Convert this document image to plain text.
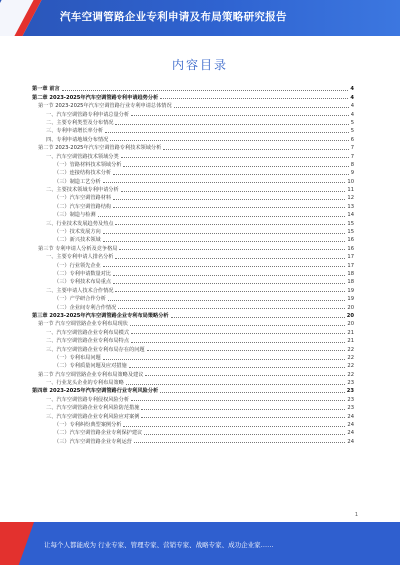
汽车空调管路企业专利申请及布局策略研究报告
内容目录
第一章 前言	4
第二章 2023-2025年汽车空调管路专利申请趋势分析	4
第一节 2023-2025年汽车空调管路行业专利申请总体情况	4
一、汽车空调管路专利申请总量分析	4
二、主要专利类型及分布情况	5
三、专利申请增长率分析	5
四、专利申请地域分布情况	6
第二节 2023-2025年汽车空调管路专利技术领域分析	7
一、汽车空调管路技术领域分类	7
（一）管路材料技术领域分析	8
（二）连接结构技术分析	9
（三）制造工艺分析	10
二、主要技术领域专利申请分析	11
（一）汽车空调管路材料	12
（二）汽车空调管路结构	13
（三）制造与检测	14
三、行业技术发展趋势及热点	15
（一）技术发展方向	15
（二）新兴技术领域	16
第三节 专利申请人分析及竞争格局	16
一、主要专利申请人排名分析	17
（一）行业领先企业	17
（二）专利申请数量对比	18
（三）专利技术布局重点	18
二、主要申请人技术合作情况	19
（一）产学研合作分析	19
（二）企业间专利合作情况	20
第三章 2023-2025年汽车空调管路企业专利布局策略分析	20
第一节 汽车空调管路企业专利布局现状	20
一、汽车空调管路企业专利布局模式	21
二、汽车空调管路企业专利布局特点	21
三、汽车空调管路企业专利布局存在的问题	22
（一）专利布局问题	22
（二）专利质量问题及应对措施	22
第二节 汽车空调管路企业专利布局策略及建议	22
一、行业龙头企业的专利布局策略	23
第四章 2023-2025年汽车空调管路行业专利风险分析	23
一、汽车空调管路专利侵权风险分析	23
二、汽车空调管路企业专利风险防范措施	23
三、汽车空调管路企业专利风险应对案例	24
（一）专利纠纷典型案例分析	24
（二）汽车空调管路企业专利保护建议	24
（三）汽车空调管路企业专利运营	24
1
让每个人都能成为 行业专家、管理专家、营销专家、战略专家、成功企业家……
